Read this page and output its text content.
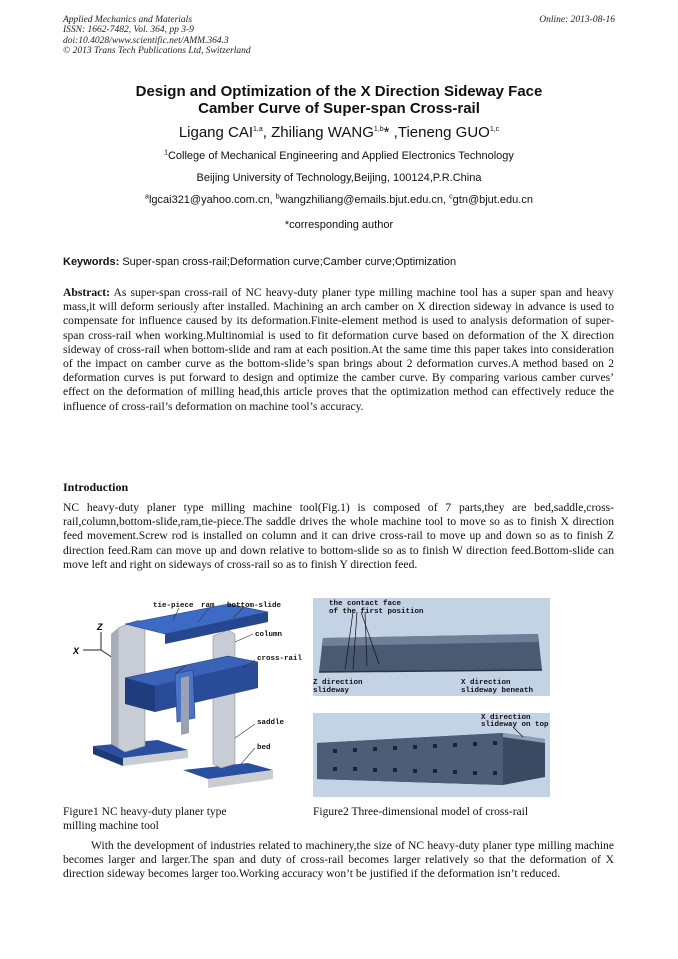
Applied Mechanics and Materials
ISSN: 1662-7482, Vol. 364, pp 3-9
doi:10.4028/www.scientific.net/AMM.364.3
© 2013 Trans Tech Publications Ltd, Switzerland
Online: 2013-08-16
Design and Optimization of the X Direction Sideway Face
Camber Curve of Super-span Cross-rail
Ligang CAI$^{1,a}$, Zhiliang WANG$^{1,b}$* ,Tieneng GUO$^{1,c}$
$^1$College of Mechanical Engineering and Applied Electronics Technology
Beijing University of Technology,Beijing, 100124,P.R.China
$^a$lgcai321@yahoo.com.cn, $^b$wangzhiliang@emails.bjut.edu.cn, $^c$gtn@bjut.edu.cn
*corresponding author
Keywords: Super-span cross-rail;Deformation curve;Camber curve;Optimization
Abstract: As super-span cross-rail of NC heavy-duty planer type milling machine tool has a super span and heavy mass,it will deform seriously after installed. Machining an arch camber on X direction sideway in advance is used to compensate for influence caused by its deformation.Finite-element method is used to analysis deformation of super-span cross-rail when working.Multinomial is used to fit deformation curve based on deformation of the X direction sideway of cross-rail when bottom-slide and ram at each position.At the same time this paper takes into consideration of the impact on camber curve as the bottom-slide’s span brings about 2 deformation curves.A method based on 2 deformation curves is put forward to design and optimize the camber curve. By comparing various camber curves’ effect on the deformation of milling head,this article proves that the optimization method can effectively reduce the influence of cross-rail’s deformation on machine tool’s accuracy.
Introduction
NC heavy-duty planer type milling machine tool(Fig.1) is composed of 7 parts,they are bed,saddle,cross-rail,column,bottom-slide,ram,tie-piece.The saddle drives the whole machine tool to move so as to finish X direction feed movement.Screw rod is installed on column and it can drive cross-rail to move up and down so as to finish Z direction feed.Ram can move up and down relative to bottom-slide so as to finish W direction feed.Bottom-slide can move left and right on sideways of cross-rail so as to finish Y direction feed.
Z
X
tie-piece ram bottom-slide
column
cross-rail
saddle
bed
the contact face
of the first position
Z direction
slideway
X direction
slideway beneath
X direction
slideway on top
Figure1 NC heavy-duty planer type
milling machine tool
Figure2 Three-dimensional model of cross-rail
With the development of industries related to machinery,the size of NC heavy-duty planer type milling machine becomes larger and larger.The span and duty of cross-rail becomes larger relatively so that the deformation of X direction sideway becomes larger too.Working accuracy won’t be justified if the deformation isn’t reduced.
